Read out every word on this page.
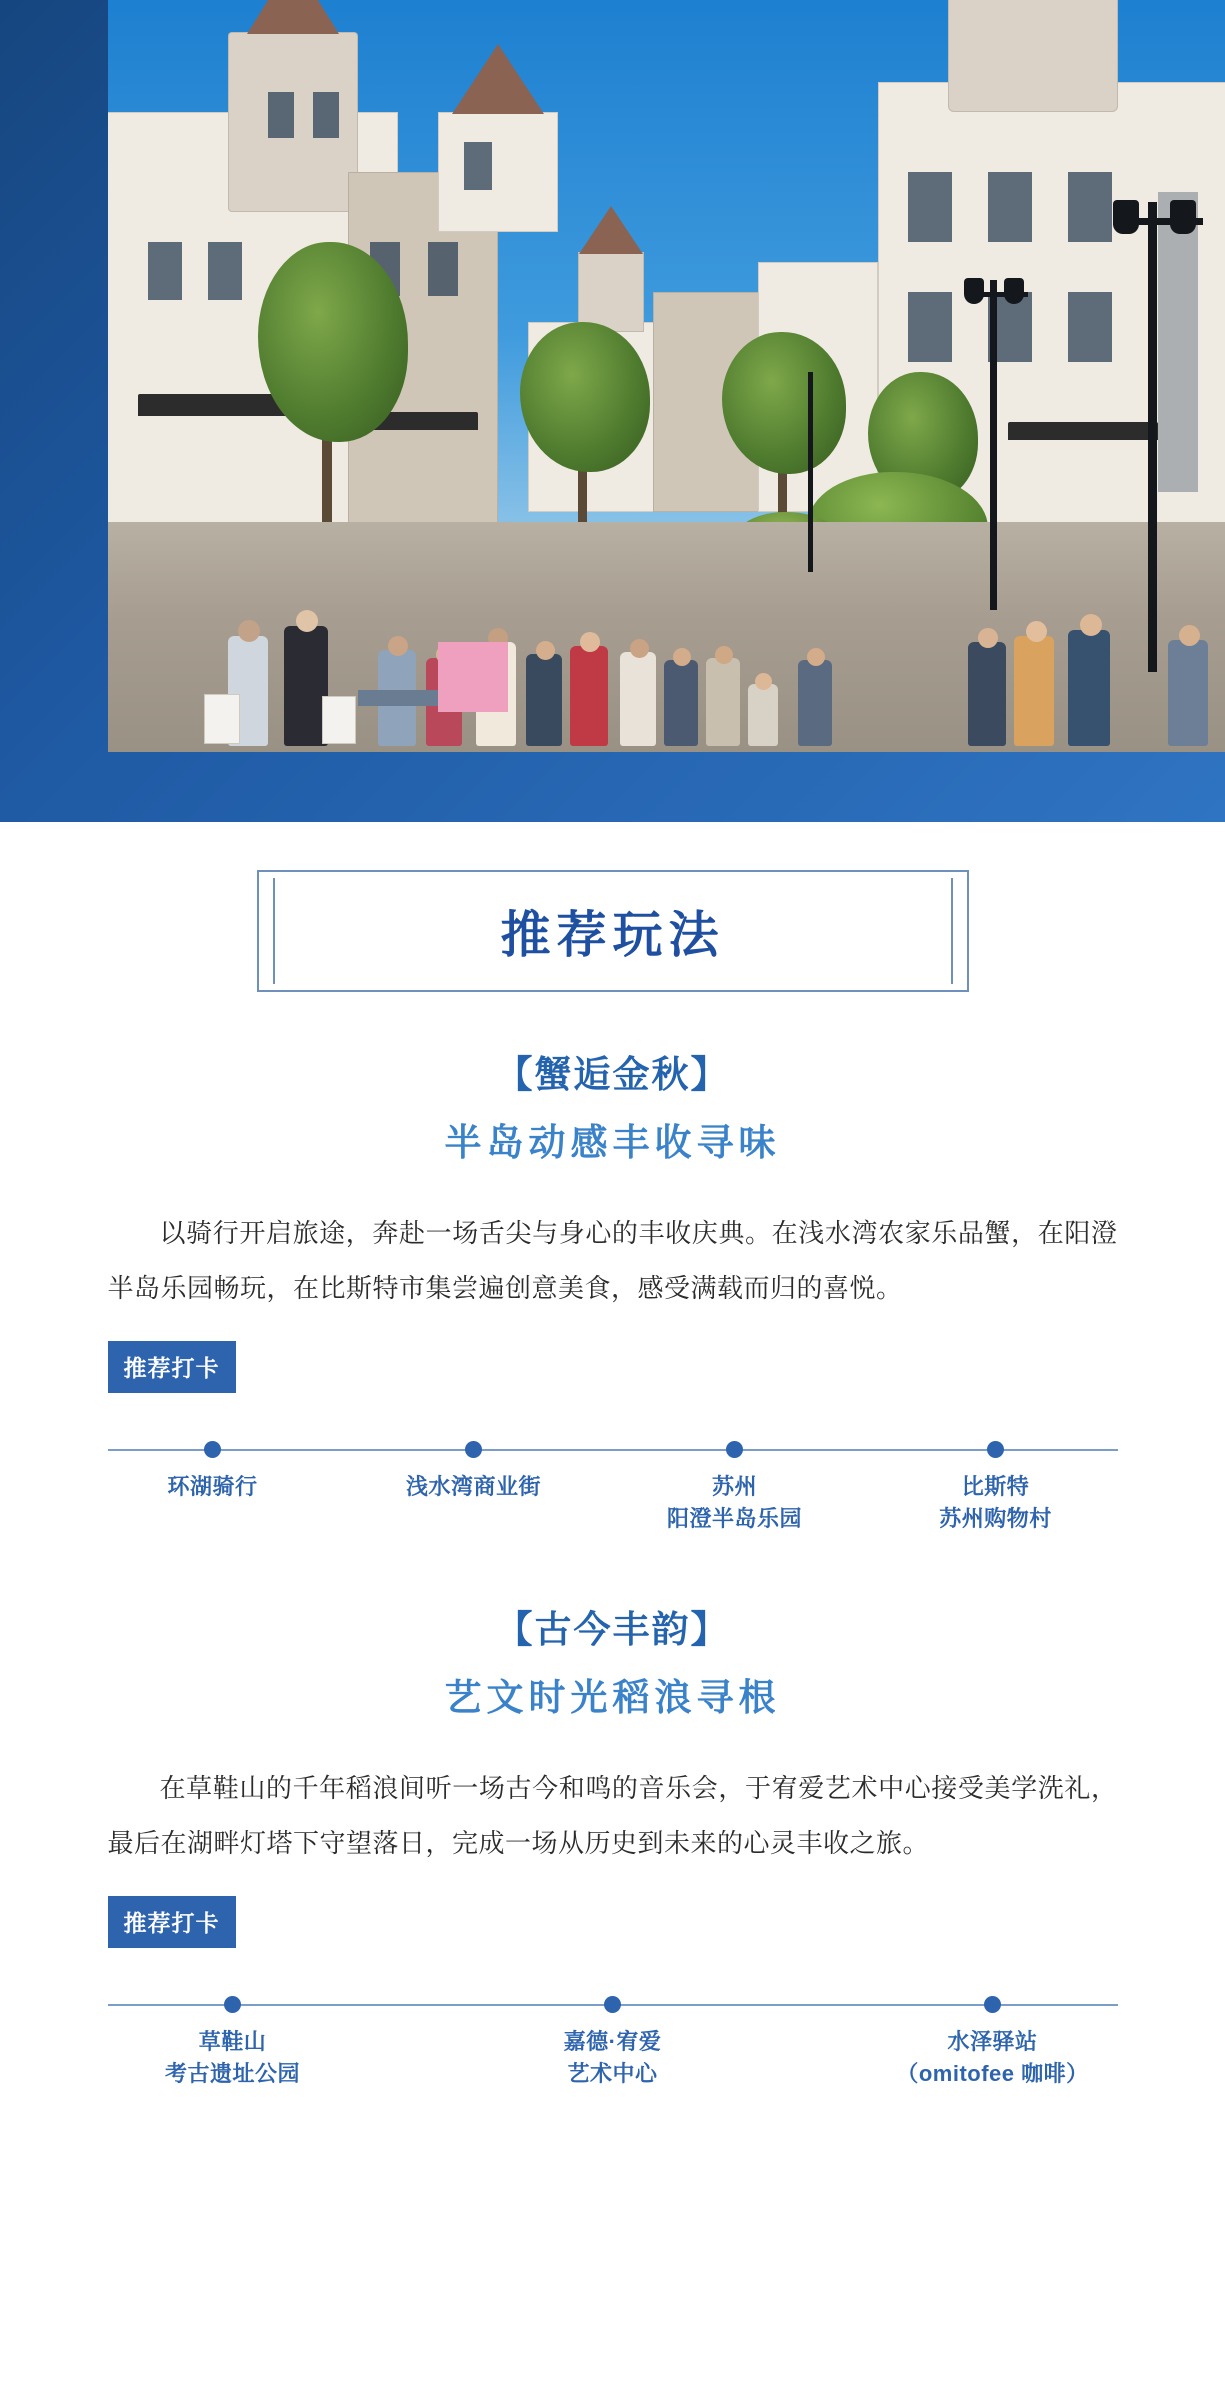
推荐玩法
【蟹逅金秋】
半岛动感丰收寻味
以骑行开启旅途，奔赴一场舌尖与身心的丰收庆典。在浅水湾农家乐品蟹，在阳澄半岛乐园畅玩，在比斯特市集尝遍创意美食，感受满载而归的喜悦。
推荐打卡
环湖骑行	浅水湾商业街	苏州
阳澄半岛乐园
比斯特
苏州购物村
【古今丰韵】
艺文时光稻浪寻根
在草鞋山的千年稻浪间听一场古今和鸣的音乐会，于宥爱艺术中心接受美学洗礼，最后在湖畔灯塔下守望落日，完成一场从历史到未来的心灵丰收之旅。
推荐打卡
草鞋山
考古遗址公园
嘉德·宥爱
艺术中心
水泽驿站
（omitofee 咖啡）
